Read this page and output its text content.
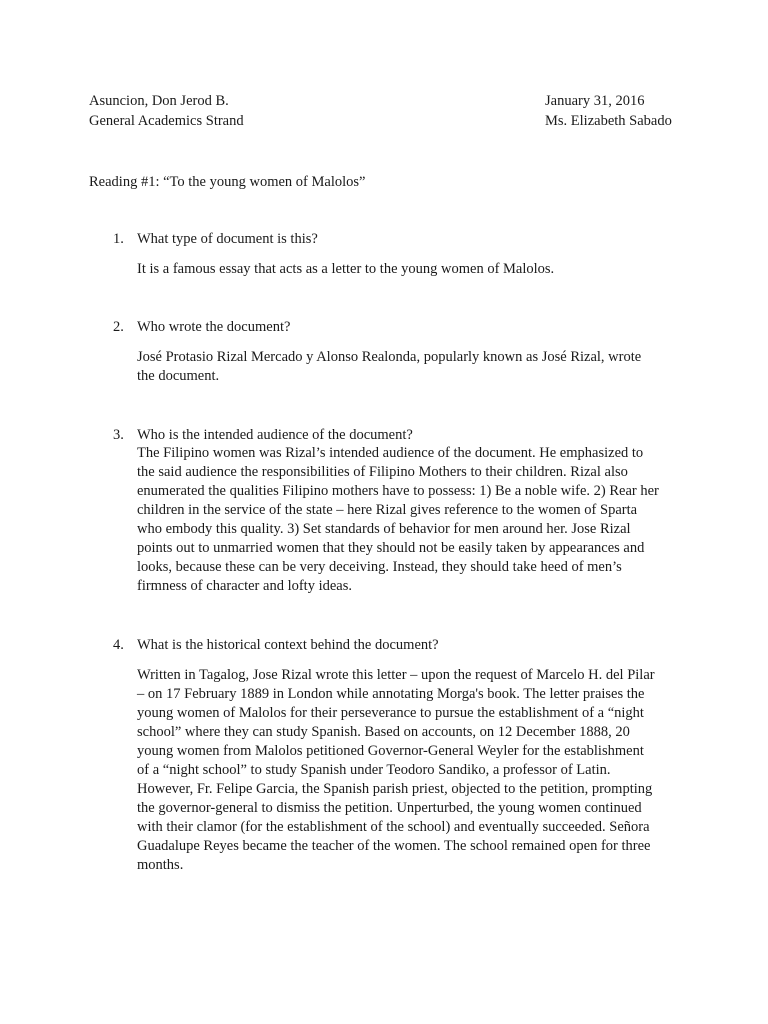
Asuncion, Don Jerod B.
General Academics Strand
January 31, 2016
Ms. Elizabeth Sabado
Reading #1: “To the young women of Malolos”
1. What type of document is this?
It is a famous essay that acts as a letter to the young women of Malolos.
2. Who wrote the document?
José Protasio Rizal Mercado y Alonso Realonda, popularly known as José Rizal, wrote
the document.
3. Who is the intended audience of the document?
The Filipino women was Rizal’s intended audience of the document. He emphasized to
the said audience the responsibilities of Filipino Mothers to their children. Rizal also
enumerated the qualities Filipino mothers have to possess: 1) Be a noble wife. 2) Rear her
children in the service of the state – here Rizal gives reference to the women of Sparta
who embody this quality. 3) Set standards of behavior for men around her. Jose Rizal
points out to unmarried women that they should not be easily taken by appearances and
looks, because these can be very deceiving. Instead, they should take heed of men’s
firmness of character and lofty ideas.
4. What is the historical context behind the document?
Written in Tagalog, Jose Rizal wrote this letter – upon the request of Marcelo H. del Pilar
– on 17 February 1889 in London while annotating Morga's book. The letter praises the
young women of Malolos for their perseverance to pursue the establishment of a “night
school” where they can study Spanish. Based on accounts, on 12 December 1888, 20
young women from Malolos petitioned Governor-General Weyler for the establishment
of a “night school” to study Spanish under Teodoro Sandiko, a professor of Latin.
However, Fr. Felipe Garcia, the Spanish parish priest, objected to the petition, prompting
the governor-general to dismiss the petition. Unperturbed, the young women continued
with their clamor (for the establishment of the school) and eventually succeeded. Señora
Guadalupe Reyes became the teacher of the women. The school remained open for three
months.
